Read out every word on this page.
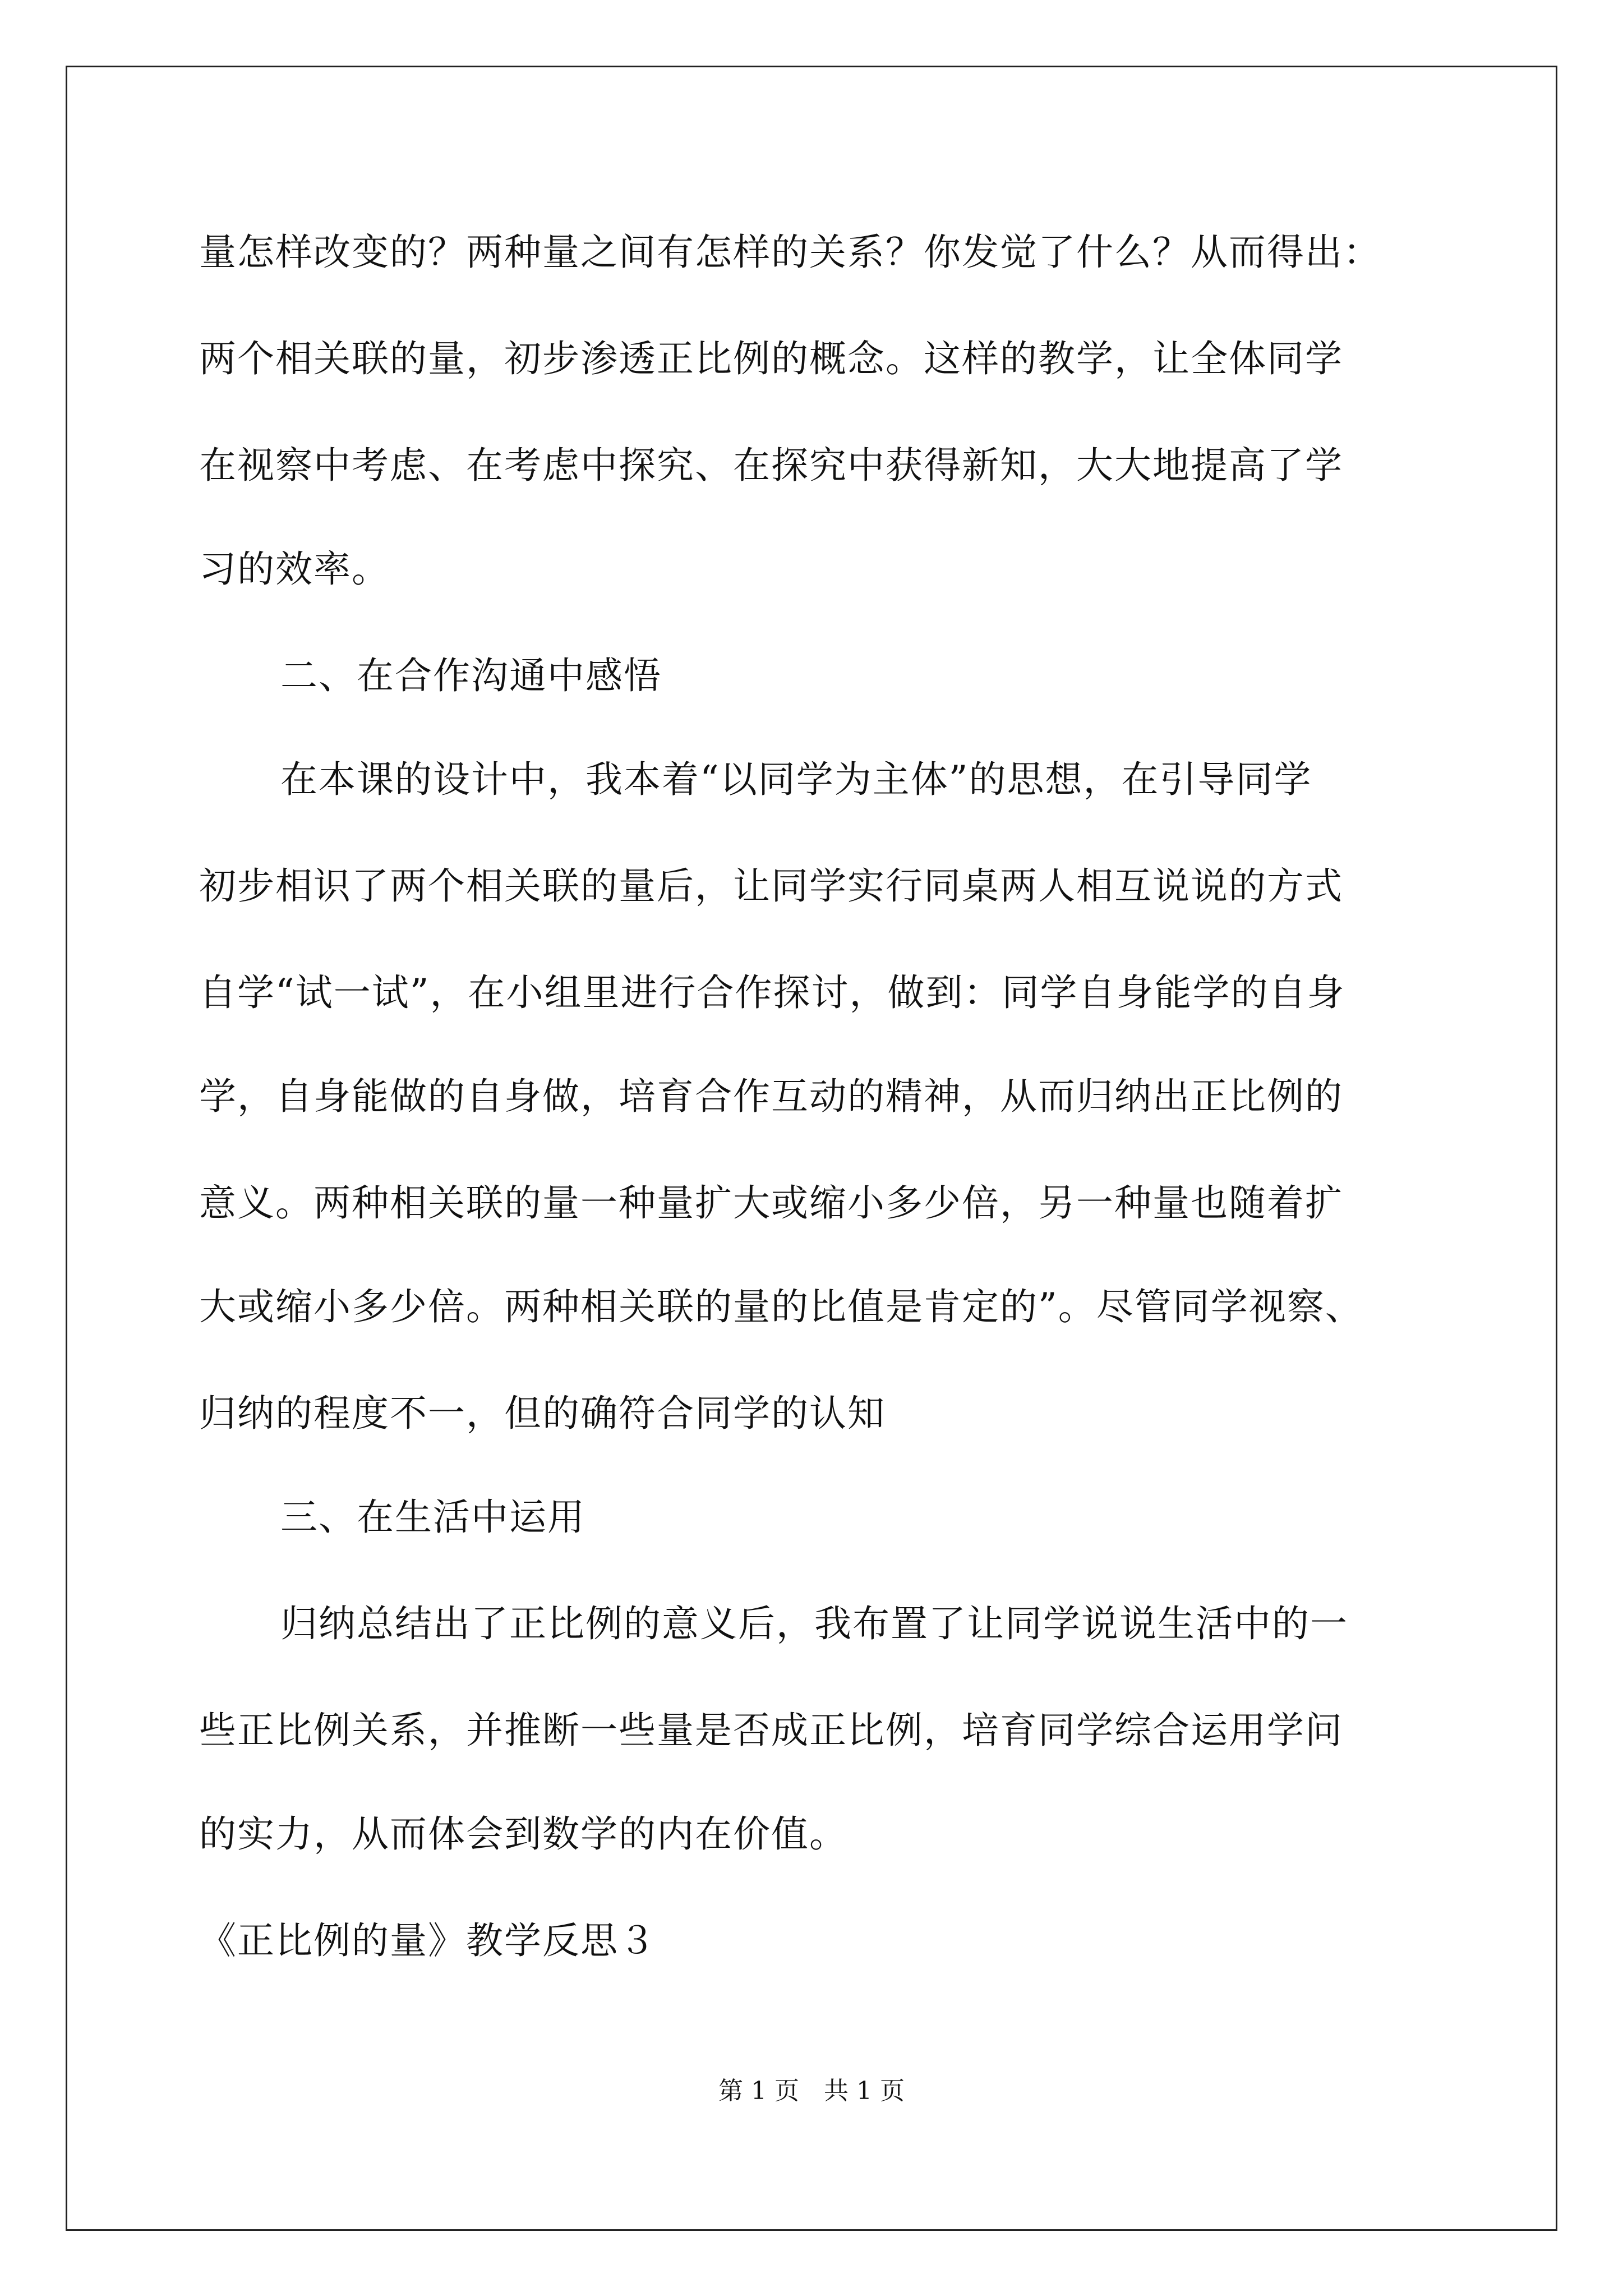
量怎样改变的？两种量之间有怎样的关系？你发觉了什么？从而得出：
两个相关联的量，初步渗透正比例的概念。这样的教学，让全体同学
在视察中考虑、在考虑中探究、在探究中获得新知，大大地提高了学
习的效率。
二、在合作沟通中感悟
在本课的设计中，我本着“以同学为主体”的思想，在引导同学
初步相识了两个相关联的量后，让同学实行同桌两人相互说说的方式
自学“试一试”，在小组里进行合作探讨，做到：同学自身能学的自身
学，自身能做的自身做，培育合作互动的精神，从而归纳出正比例的
意义。两种相关联的量一种量扩大或缩小多少倍，另一种量也随着扩
大或缩小多少倍。两种相关联的量的比值是肯定的”。尽管同学视察、
归纳的程度不一，但的确符合同学的认知
三、在生活中运用
归纳总结出了正比例的意义后，我布置了让同学说说生活中的一
些正比例关系，并推断一些量是否成正比例，培育同学综合运用学问
的实力，从而体会到数学的内在价值。
《正比例的量》教学反思３
第 1 页　共 1 页
